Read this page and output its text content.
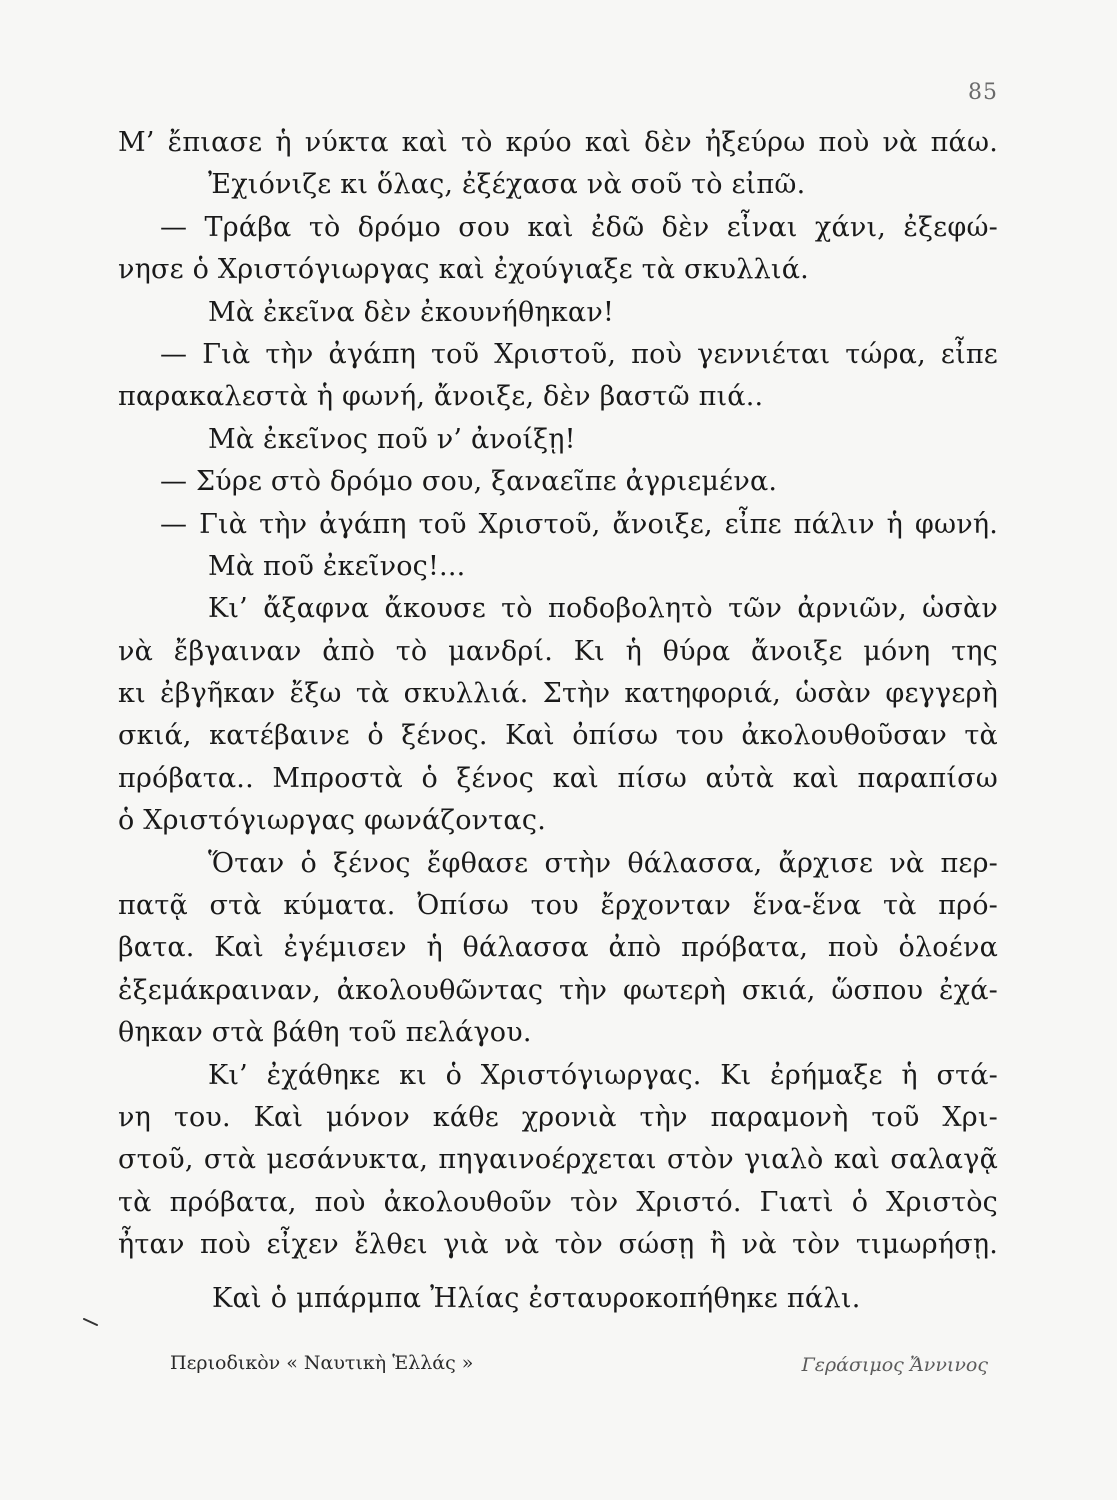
85
Μ’ ἔπιασε ἡ νύκτα καὶ τὸ κρύο καὶ δὲν ἠξεύρω ποὺ νὰ πάω.
Ἐχιόνιζε κι ὅλας, ἐξέχασα νὰ σοῦ τὸ εἰπῶ.
— Τράβα τὸ δρόμο σου καὶ ἐδῶ δὲν εἶναι χάνι, ἐξεφώ-
νησε ὁ Χριστόγιωργας καὶ ἐχούγιαξε τὰ σκυλλιά.
Μὰ ἐκεῖνα δὲν ἐκουνήθηκαν!
— Γιὰ τὴν ἀγάπη τοῦ Χριστοῦ, ποὺ γεννιέται τώρα, εἶπε
παρακαλεστὰ ἡ φωνή, ἄνοιξε, δὲν βαστῶ πιά..
Μὰ ἐκεῖνος ποῦ ν’ ἀνοίξῃ!
— Σύρε στὸ δρόμο σου, ξαναεῖπε ἀγριεμένα.
— Γιὰ τὴν ἀγάπη τοῦ Χριστοῦ, ἄνοιξε, εἶπε πάλιν ἡ φωνή.
Μὰ ποῦ ἐκεῖνος!...
Κι’ ἄξαφνα ἄκουσε τὸ ποδοβολητὸ τῶν ἀρνιῶν, ὡσὰν
νὰ ἔβγαιναν ἀπὸ τὸ μανδρί. Κι ἡ θύρα ἄνοιξε μόνη της
κι ἐβγῆκαν ἔξω τὰ σκυλλιά. Στὴν κατηφοριά, ὡσὰν φεγγερὴ
σκιά, κατέβαινε ὁ ξένος. Καὶ ὀπίσω του ἀκολουθοῦσαν τὰ
πρόβατα.. Μπροστὰ ὁ ξένος καὶ πίσω αὐτὰ καὶ παραπίσω
ὁ Χριστόγιωργας φωνάζοντας.
Ὅταν ὁ ξένος ἔφθασε στὴν θάλασσα, ἄρχισε νὰ περ-
πατᾷ στὰ κύματα. Ὀπίσω του ἔρχονταν ἕνα-ἕνα τὰ πρό-
βατα. Καὶ ἐγέμισεν ἡ θάλασσα ἀπὸ πρόβατα, ποὺ ὁλοένα
ἐξεμάκραιναν, ἀκολουθῶντας τὴν φωτερὴ σκιά, ὥσπου ἐχά-
θηκαν στὰ βάθη τοῦ πελάγου.
Κι’ ἐχάθηκε κι ὁ Χριστόγιωργας. Κι ἐρήμαξε ἡ στά-
νη του. Καὶ μόνον κάθε χρονιὰ τὴν παραμονὴ τοῦ Χρι-
στοῦ, στὰ μεσάνυκτα, πηγαινοέρχεται στὸν γιαλὸ καὶ σαλαγᾷ
τὰ πρόβατα, ποὺ ἀκολουθοῦν τὸν Χριστό. Γιατὶ ὁ Χριστὸς
ἦταν ποὺ εἶχεν ἔλθει γιὰ νὰ τὸν σώσῃ ἢ νὰ τὸν τιμωρήσῃ.
Καὶ ὁ μπάρμπα Ἠλίας ἐσταυροκοπήθηκε πάλι.
Περιοδικὸν « Ναυτικὴ Ἑλλάς »	Γεράσιμος Ἄννινος
